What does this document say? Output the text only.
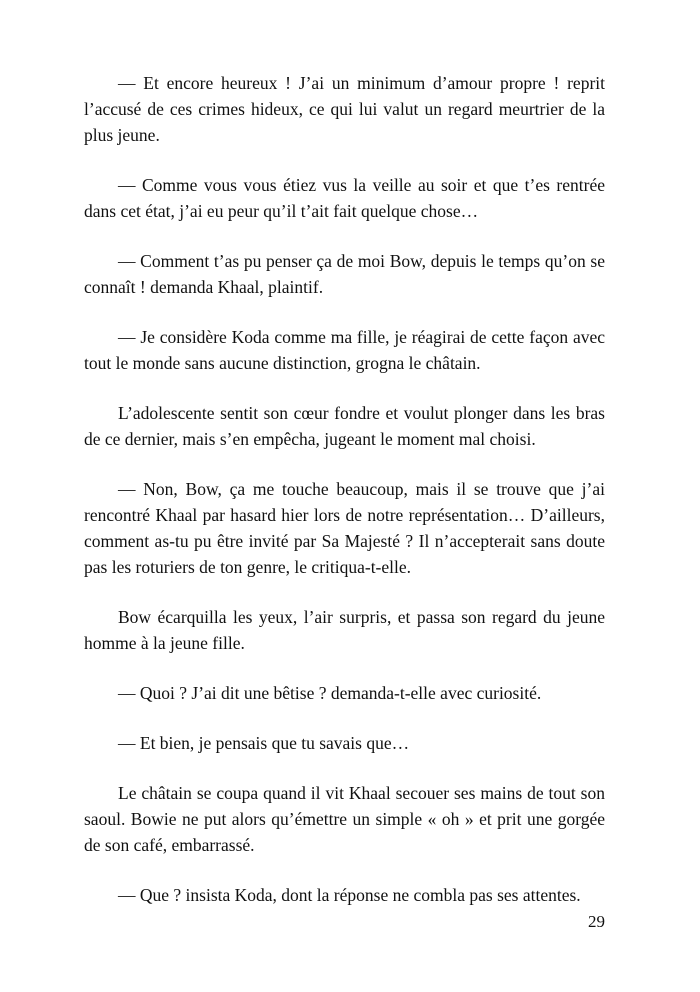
— Et encore heureux ! J’ai un minimum d’amour propre ! reprit l’accusé de ces crimes hideux, ce qui lui valut un regard meurtrier de la plus jeune.

— Comme vous vous étiez vus la veille au soir et que t’es rentrée dans cet état, j’ai eu peur qu’il t’ait fait quelque chose…

— Comment t’as pu penser ça de moi Bow, depuis le temps qu’on se connaît ! demanda Khaal, plaintif.

— Je considère Koda comme ma fille, je réagirai de cette façon avec tout le monde sans aucune distinction, grogna le châtain.

L’adolescente sentit son cœur fondre et voulut plonger dans les bras de ce dernier, mais s’en empêcha, jugeant le moment mal choisi.

— Non, Bow, ça me touche beaucoup, mais il se trouve que j’ai rencontré Khaal par hasard hier lors de notre représentation… D’ailleurs, comment as-tu pu être invité par Sa Majesté ? Il n’accepterait sans doute pas les roturiers de ton genre, le critiqua-t-elle.

Bow écarquilla les yeux, l’air surpris, et passa son regard du jeune homme à la jeune fille.

— Quoi ? J’ai dit une bêtise ? demanda-t-elle avec curiosité.

— Et bien, je pensais que tu savais que…

Le châtain se coupa quand il vit Khaal secouer ses mains de tout son saoul. Bowie ne put alors qu’émettre un simple « oh » et prit une gorgée de son café, embarrassé.

— Que ? insista Koda, dont la réponse ne combla pas ses attentes.

29
